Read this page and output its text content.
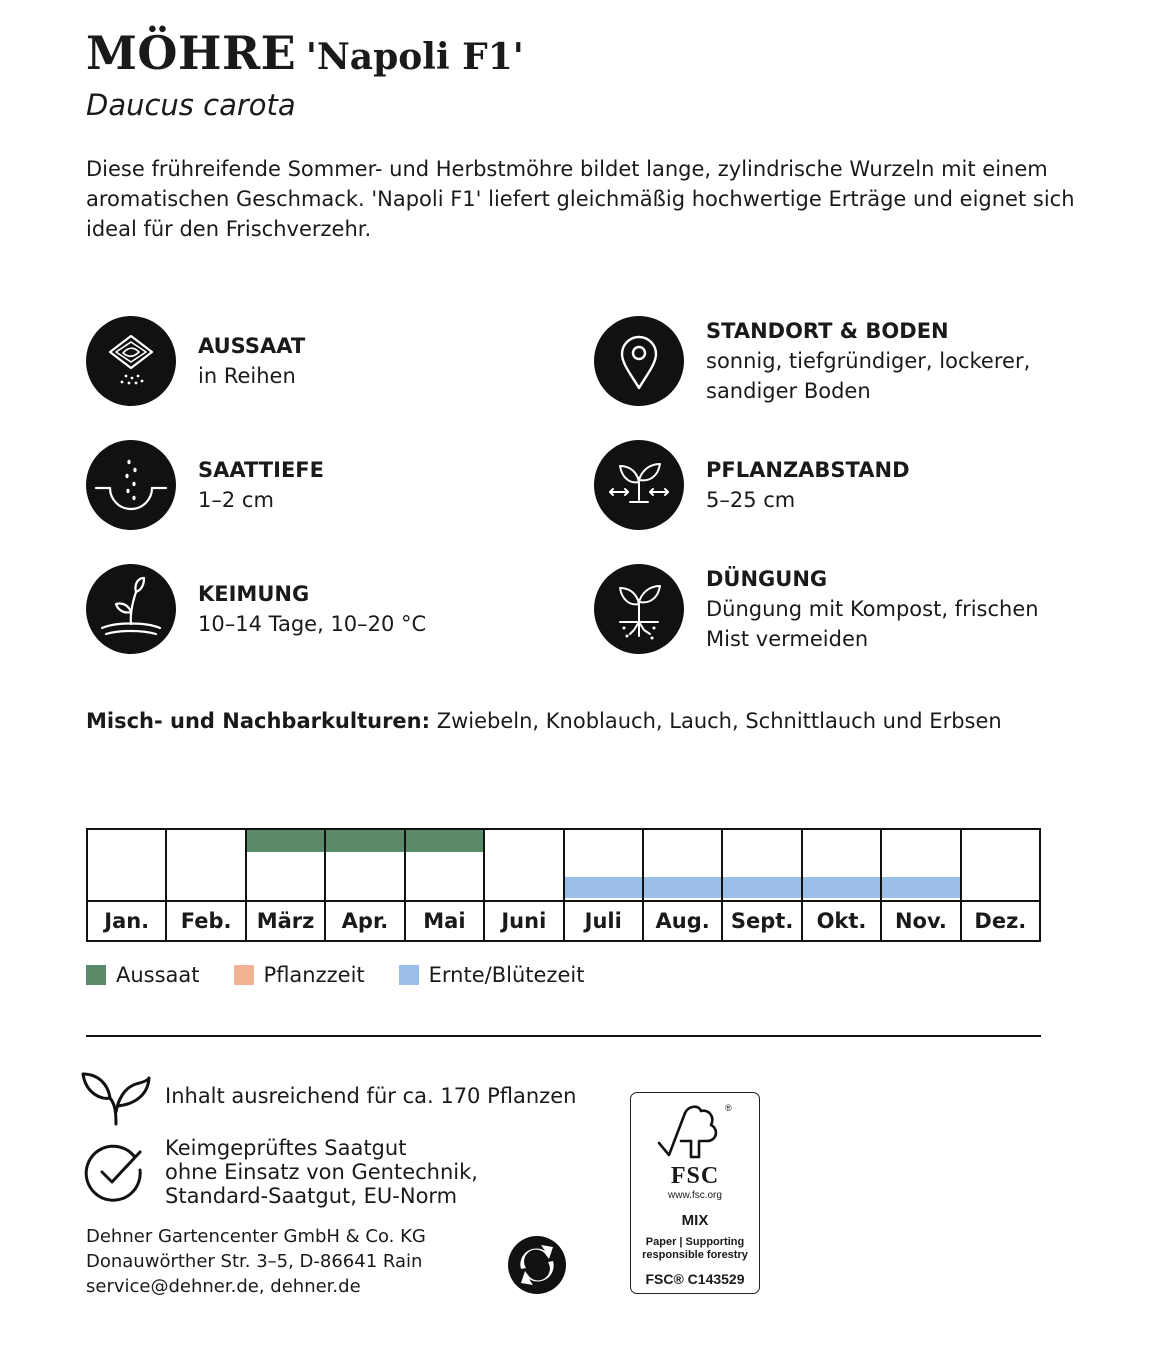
MÖHRE 'Napoli F1'
Daucus carota
Diese frühreifende Sommer- und Herbstmöhre bildet lange, zylindrische Wurzeln mit einem aromatischen Geschmack. 'Napoli F1' liefert gleichmäßig hochwertige Erträge und eignet sich ideal für den Frischverzehr.
AUSSAAT
in Reihen
STANDORT & BODEN
sonnig, tiefgründiger, lockerer, sandiger Boden
SAATTIEFE
1–2 cm
PFLANZABSTAND
5–25 cm
KEIMUNG
10–14 Tage, 10–20 °C
DÜNGUNG
Düngung mit Kompost, frischen Mist vermeiden
Misch- und Nachbarkulturen: Zwiebeln, Knoblauch, Lauch, Schnittlauch und Erbsen
Jan.	Feb.	März	Apr.	Mai	Juni	Juli	Aug.	Sept.	Okt.	Nov.	Dez.
Aussaat	Pflanzzeit	Ernte/Blütezeit
Inhalt ausreichend für ca. 170 Pflanzen
Keimgeprüftes Saatgut
ohne Einsatz von Gentechnik,
Standard-Saatgut, EU-Norm
Dehner Gartencenter GmbH & Co. KG
Donauwörther Str. 3–5, D-86641 Rain
service@dehner.de, dehner.de
®
FSC
www.fsc.org
MIX
Paper | Supporting
responsible forestry
FSC® C143529
